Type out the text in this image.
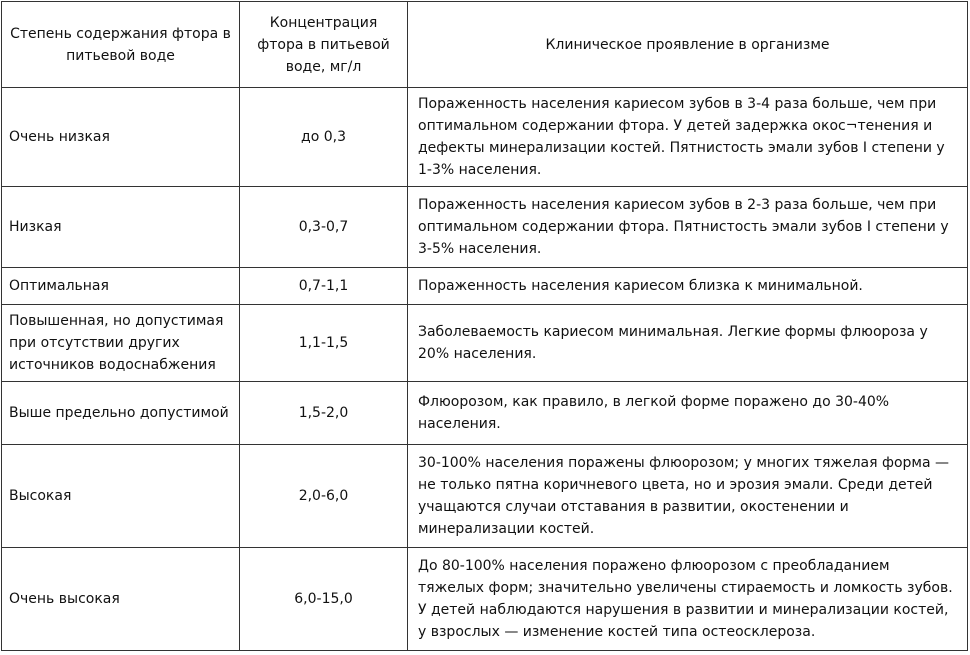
Степень содержания фтора в питьевой воде	Концентрация фтора в питьевой воде, мг/л	Клиническое проявление в организме
Очень низкая	до 0,3	Пораженность населения кариесом зубов в 3-4 раза больше, чем при оптимальном содержании фтора. У детей задержка окос¬тенения и дефекты минерализации костей. Пятнистость эмали зубов I степени у 1-3% населения.
Низкая	0,3-0,7	Пораженность населения кариесом зубов в 2-3 раза больше, чем при оптимальном содержании фтора. Пятнистость эмали зубов I степени у 3-5% населения.
Оптимальная	0,7-1,1	Пораженность населения кариесом близка к минимальной.
Повышенная, но допустимая при отсутствии других источников водоснабжения	1,1-1,5	Заболеваемость кариесом минимальная. Легкие формы флюороза у 20% населения.
Выше предельно допустимой	1,5-2,0	Флюорозом, как правило, в легкой форме поражено до 30-40% населения.
Высокая	2,0-6,0	30-100% населения поражены флюорозом; у многих тяжелая форма — не только пятна коричневого цвета, но и эрозия эмали. Среди детей учащаются случаи отставания в развитии, окостенении и минерализации костей.
Очень высокая	6,0-15,0	До 80-100% населения поражено флюорозом с преобладанием тяжелых форм; значительно увеличены стираемость и ломкость зубов. У детей наблюдаются нарушения в развитии и минерализации костей, у взрослых — изменение костей типа остеосклероза.
